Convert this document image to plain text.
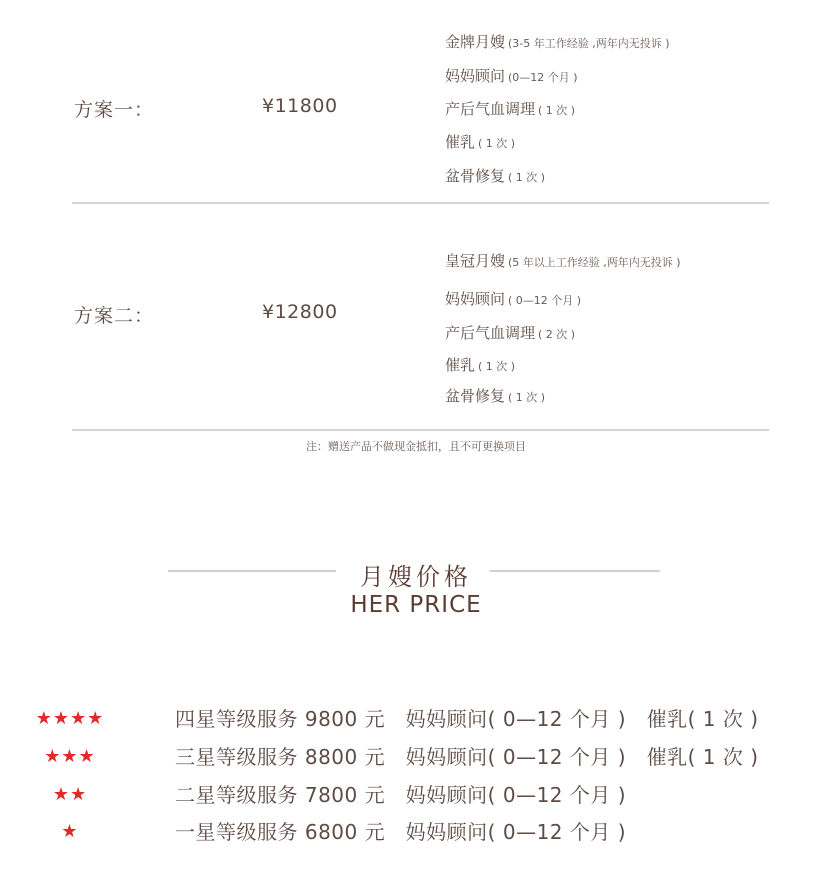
方案一：	¥11800
金牌月嫂 (3-5 年工作经验 ,两年内无投诉 )
妈妈顾问 (0—12 个月 )
产后气血调理 ( 1 次 )
催乳 ( 1 次 )
盆骨修复 ( 1 次 )
方案二：	¥12800
皇冠月嫂 (5 年以上工作经验 ,两年内无投诉 )
妈妈顾问 ( 0—12 个月 )
产后气血调理 ( 2 次 )
催乳 ( 1 次 )
盆骨修复 ( 1 次 )
注：赠送产品不做现金抵扣，且不可更换项目
月嫂价格
HER PRICE
★★★★	四星等级服务 9800 元   妈妈顾问( 0—12 个月 )   催乳( 1 次 )
★★★	三星等级服务 8800 元   妈妈顾问( 0—12 个月 )   催乳( 1 次 )
★★	二星等级服务 7800 元   妈妈顾问( 0—12 个月 )
★	一星等级服务 6800 元   妈妈顾问( 0—12 个月 )
